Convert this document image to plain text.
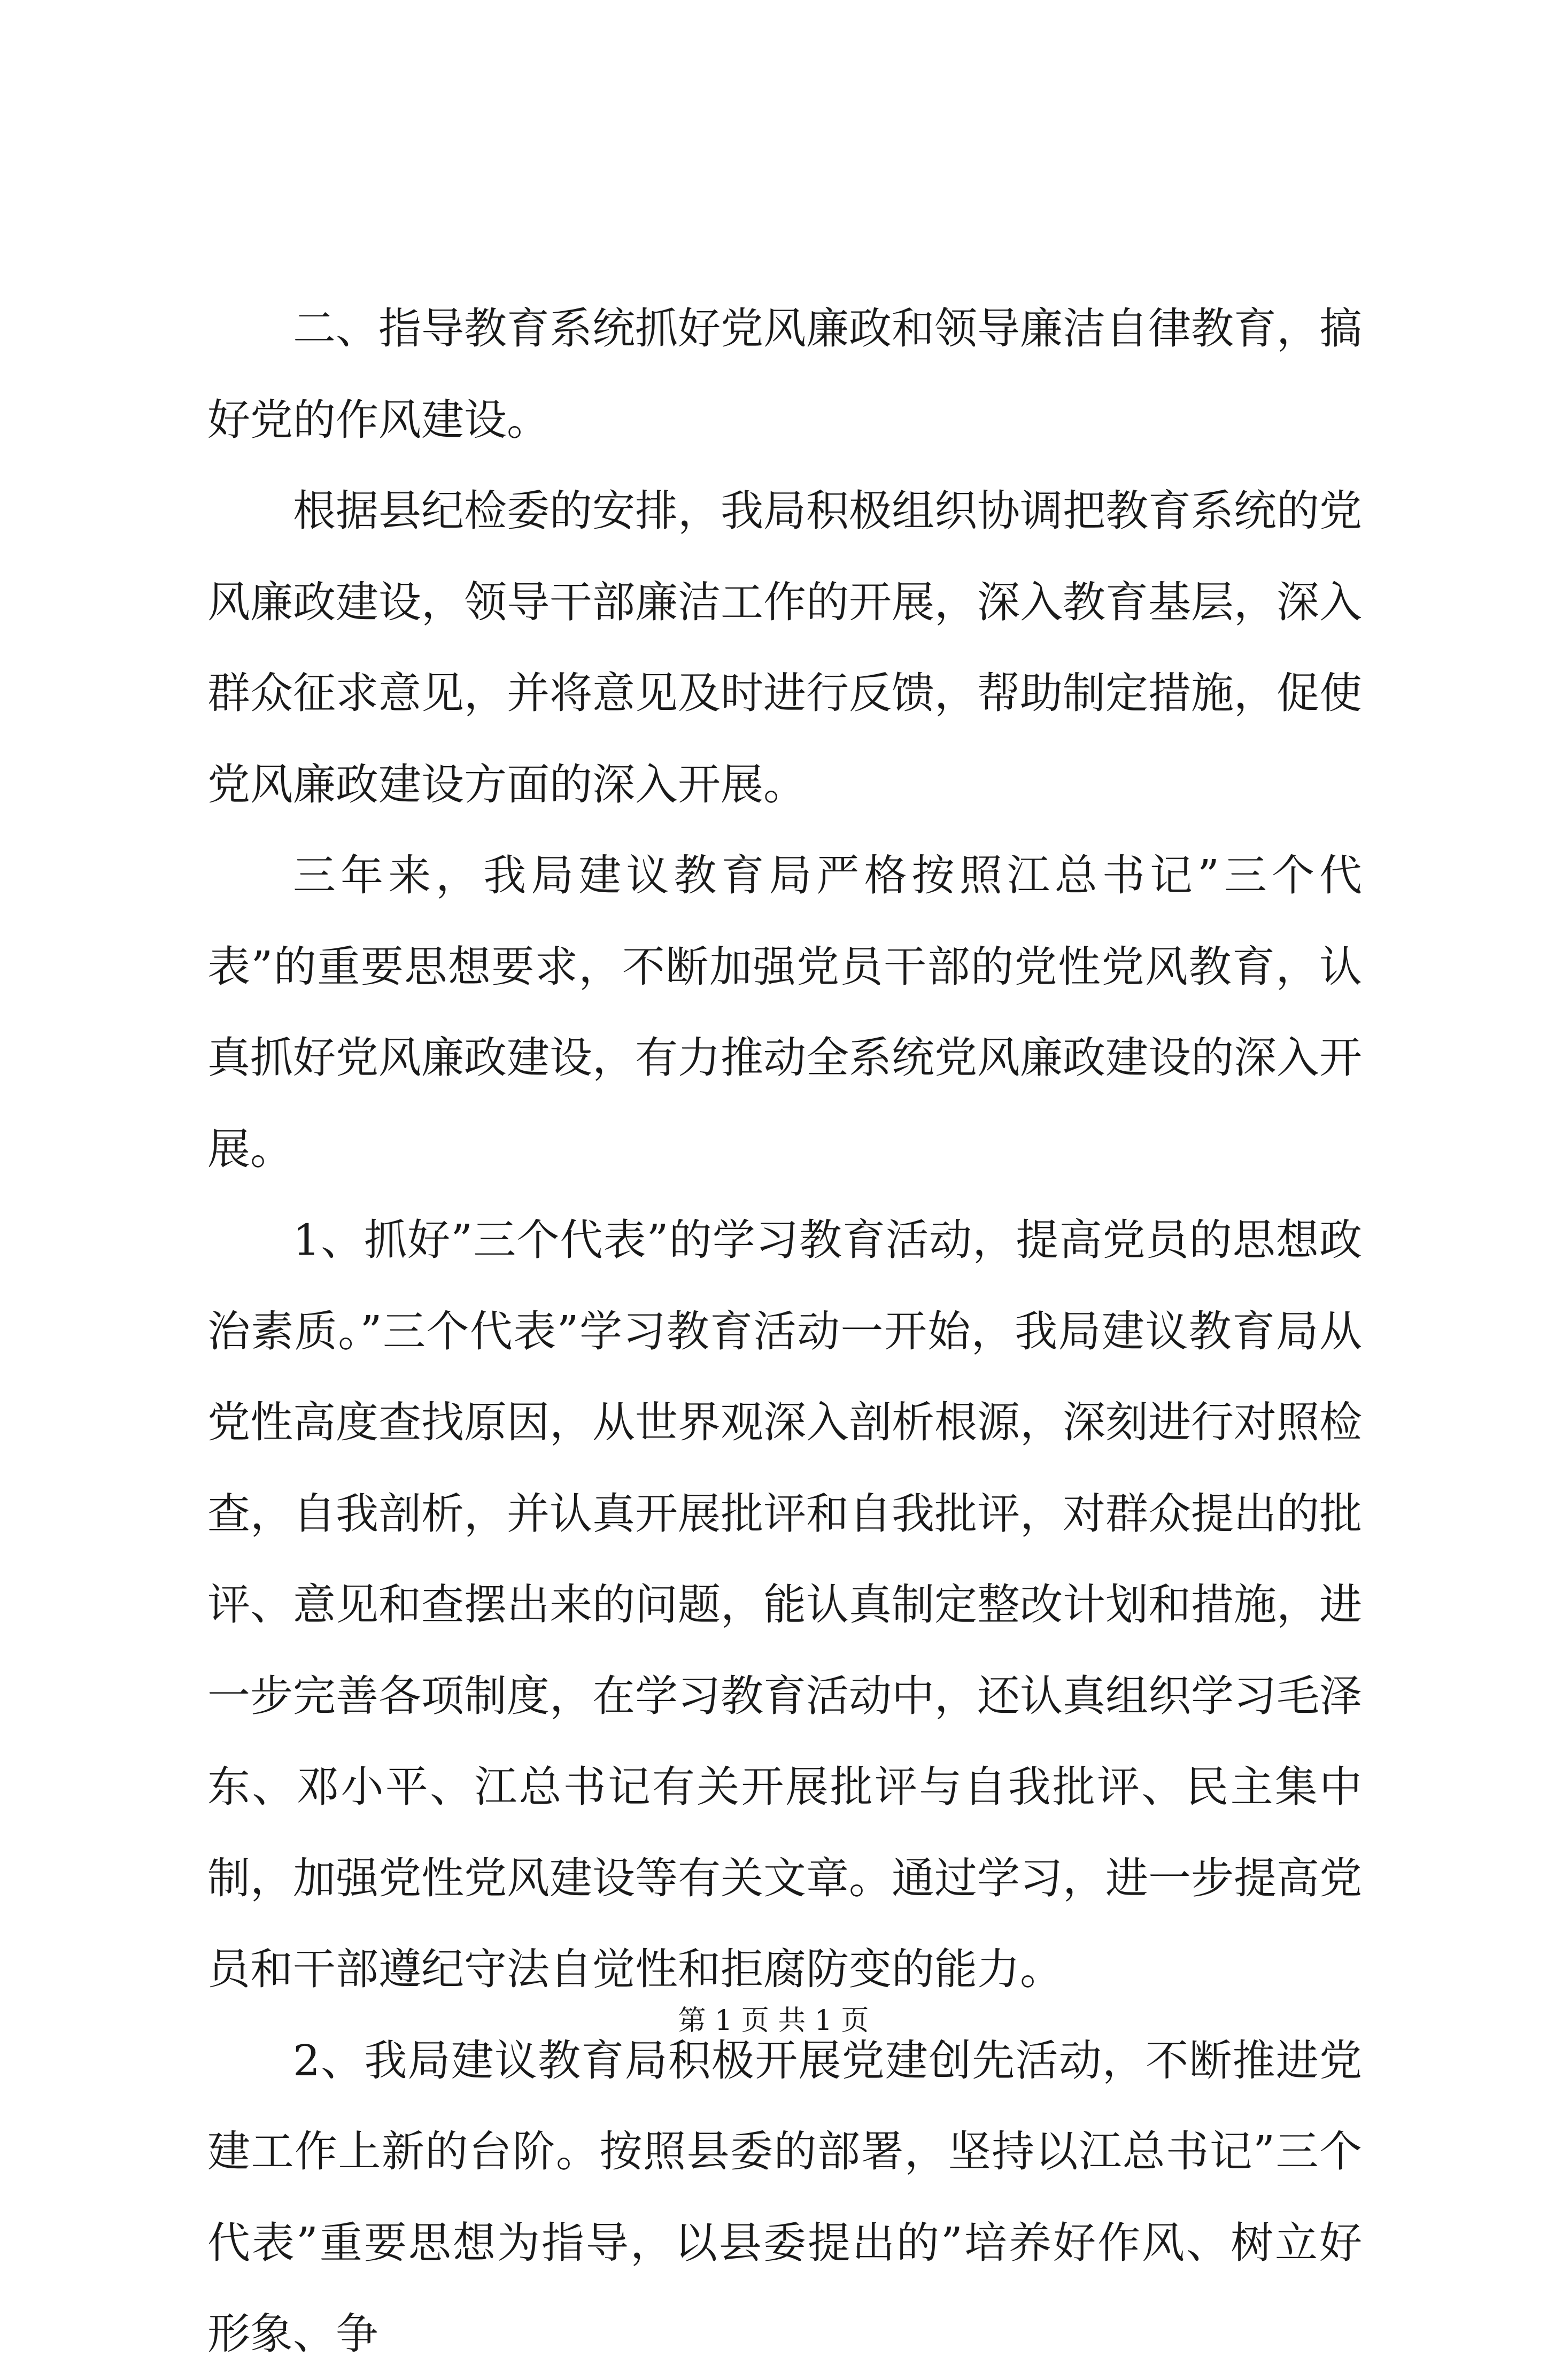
二、指导教育系统抓好党风廉政和领导廉洁自律教育，搞好党的作风建设。

根据县纪检委的安排，我局积极组织协调把教育系统的党风廉政建设，领导干部廉洁工作的开展，深入教育基层，深入群众征求意见，并将意见及时进行反馈，帮助制定措施，促使党风廉政建设方面的深入开展。

三年来，我局建议教育局严格按照江总书记”三个代表”的重要思想要求，不断加强党员干部的党性党风教育，认真抓好党风廉政建设，有力推动全系统党风廉政建设的深入开展。

1、抓好”三个代表”的学习教育活动，提高党员的思想政治素质。”三个代表”学习教育活动一开始，我局建议教育局从党性高度查找原因，从世界观深入剖析根源，深刻进行对照检查，自我剖析，并认真开展批评和自我批评，对群众提出的批评、意见和查摆出来的问题，能认真制定整改计划和措施，进一步完善各项制度，在学习教育活动中，还认真组织学习毛泽东、邓小平、江总书记有关开展批评与自我批评、民主集中制，加强党性党风建设等有关文章。通过学习，进一步提高党员和干部遵纪守法自觉性和拒腐防变的能力。

2、我局建议教育局积极开展党建创先活动，不断推进党建工作上新的台阶。按照县委的部署，坚持以江总书记”三个代表”重要思想为指导，以县委提出的”培养好作风、树立好形象、争

第 1 页 共 1 页
